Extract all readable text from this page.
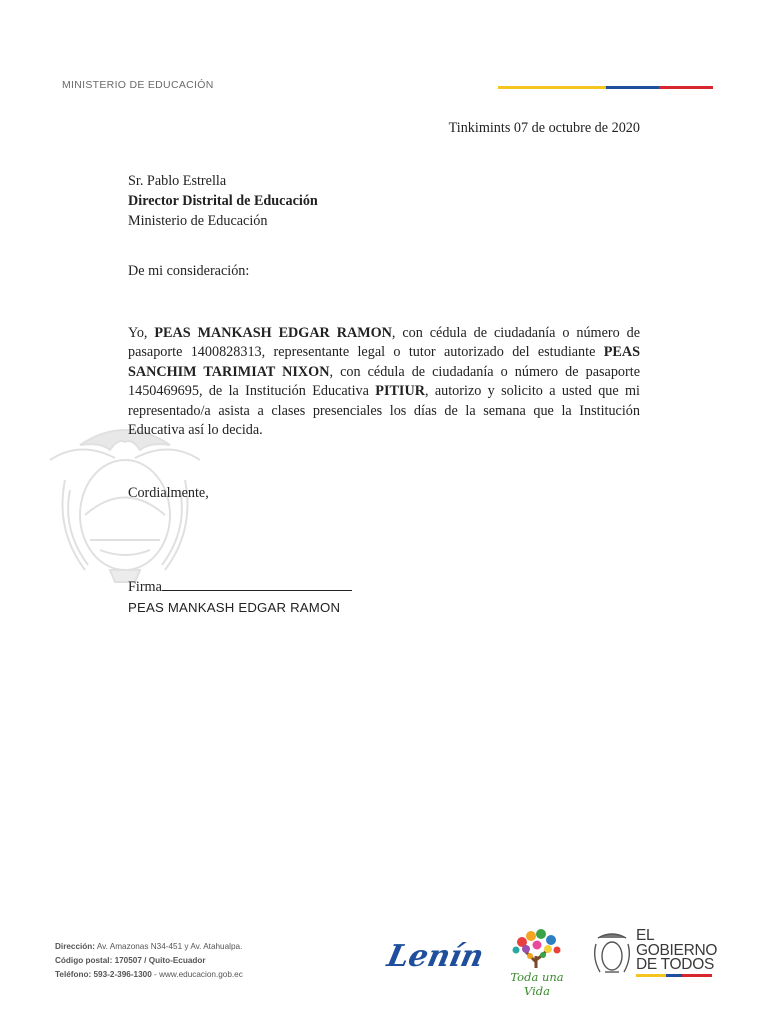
MINISTERIO DE EDUCACIÓN
Tinkimints 07 de octubre de 2020
Sr. Pablo Estrella
Director Distrital de Educación
Ministerio de Educación
De mi consideración:
Yo, PEAS MANKASH EDGAR RAMON, con cédula de ciudadanía o número de pasaporte 1400828313, representante legal o tutor autorizado del estudiante PEAS SANCHIM TARIMIAT NIXON, con cédula de ciudadanía o número de pasaporte 1450469695, de la Institución Educativa PITIUR, autorizo y solicito a usted que mi representado/a asista a clases presenciales los días de la semana que la Institución Educativa así lo decida.
Cordialmente,
Firma
PEAS MANKASH EDGAR RAMON
Dirección: Av. Amazonas N34-451 y Av. Atahualpa.
Código postal: 170507 / Quito-Ecuador
Teléfono: 593-2-396-1300 - www.educacion.gob.ec
Lenín
Toda una Vida
EL
GOBIERNO
DE TODOS
